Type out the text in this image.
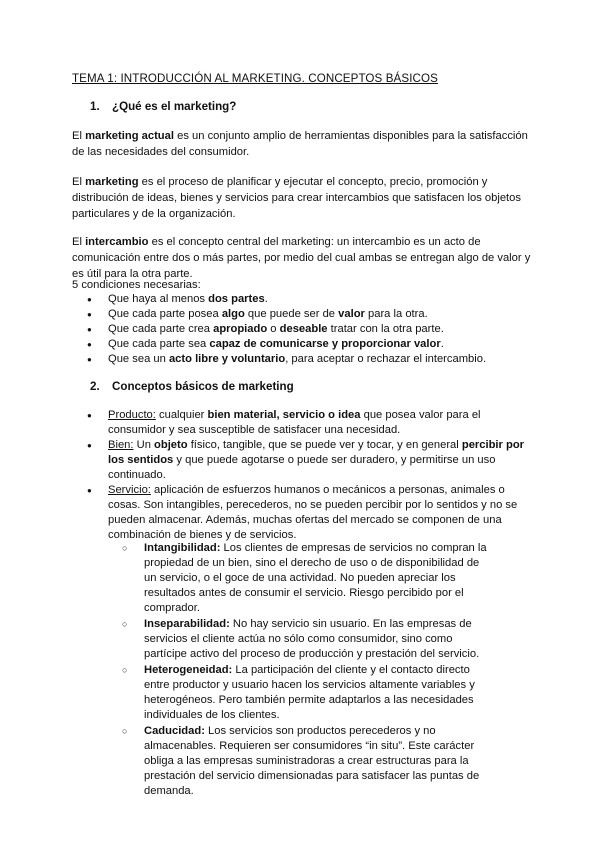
TEMA 1: INTRODUCCIÓN AL MARKETING. CONCEPTOS BÁSICOS
1. ¿Qué es el marketing?
El marketing actual es un conjunto amplio de herramientas disponibles para la satisfacción de las necesidades del consumidor.
El marketing es el proceso de planificar y ejecutar el concepto, precio, promoción y distribución de ideas, bienes y servicios para crear intercambios que satisfacen los objetos particulares y de la organización.
El intercambio es el concepto central del marketing: un intercambio es un acto de comunicación entre dos o más partes, por medio del cual ambas se entregan algo de valor y es útil para la otra parte.
5 condiciones necesarias:
● Que haya al menos dos partes.
● Que cada parte posea algo que puede ser de valor para la otra.
● Que cada parte crea apropiado o deseable tratar con la otra parte.
● Que cada parte sea capaz de comunicarse y proporcionar valor.
● Que sea un acto libre y voluntario, para aceptar o rechazar el intercambio.
2. Conceptos básicos de marketing
● Producto: cualquier bien material, servicio o idea que posea valor para el consumidor y sea susceptible de satisfacer una necesidad.
● Bien: Un objeto físico, tangible, que se puede ver y tocar, y en general percibir por los sentidos y que puede agotarse o puede ser duradero, y permitirse un uso continuado.
● Servicio: aplicación de esfuerzos humanos o mecánicos a personas, animales o cosas. Son intangibles, perecederos, no se pueden percibir por lo sentidos y no se pueden almacenar. Además, muchas ofertas del mercado se componen de una combinación de bienes y de servicios.
○ Intangibilidad: Los clientes de empresas de servicios no compran la propiedad de un bien, sino el derecho de uso o de disponibilidad de un servicio, o el goce de una actividad. No pueden apreciar los resultados antes de consumir el servicio. Riesgo percibido por el comprador.
○ Inseparabilidad: No hay servicio sin usuario. En las empresas de servicios el cliente actúa no sólo como consumidor, sino como partícipe activo del proceso de producción y prestación del servicio.
○ Heterogeneidad: La participación del cliente y el contacto directo entre productor y usuario hacen los servicios altamente variables y heterogéneos. Pero también permite adaptarlos a las necesidades individuales de los clientes.
○ Caducidad: Los servicios son productos perecederos y no almacenables. Requieren ser consumidores “in situ”. Este carácter obliga a las empresas suministradoras a crear estructuras para la prestación del servicio dimensionadas para satisfacer las puntas de demanda.
